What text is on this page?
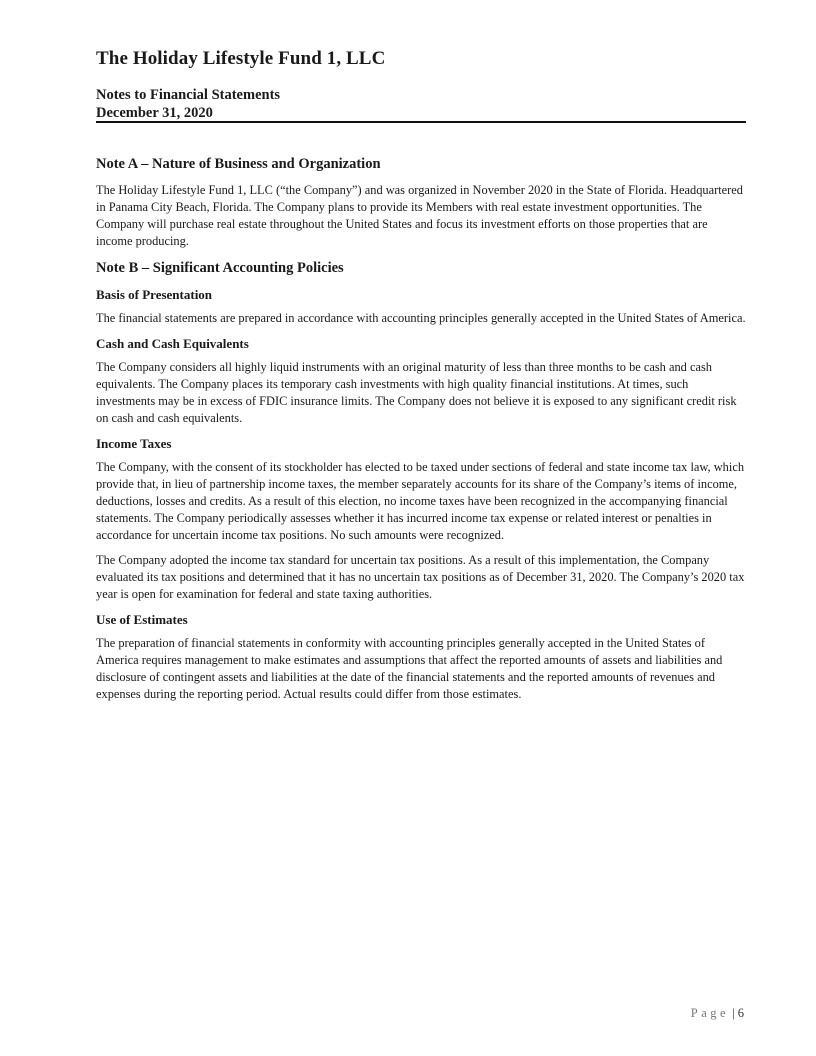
The Holiday Lifestyle Fund 1, LLC
Notes to Financial Statements
December 31, 2020
Note A – Nature of Business and Organization

The Holiday Lifestyle Fund 1, LLC (“the Company”) and was organized in November 2020 in the State of Florida. Headquartered in Panama City Beach, Florida. The Company plans to provide its Members with real estate investment opportunities. The Company will purchase real estate throughout the United States and focus its investment efforts on those properties that are income producing.

Note B – Significant Accounting Policies
Basis of Presentation

The financial statements are prepared in accordance with accounting principles generally accepted in the United States of America.

Cash and Cash Equivalents

The Company considers all highly liquid instruments with an original maturity of less than three months to be cash and cash equivalents. The Company places its temporary cash investments with high quality financial institutions. At times, such investments may be in excess of FDIC insurance limits. The Company does not believe it is exposed to any significant credit risk on cash and cash equivalents.

Income Taxes

The Company, with the consent of its stockholder has elected to be taxed under sections of federal and state income tax law, which provide that, in lieu of partnership income taxes, the member separately accounts for its share of the Company’s items of income, deductions, losses and credits. As a result of this election, no income taxes have been recognized in the accompanying financial statements. The Company periodically assesses whether it has incurred income tax expense or related interest or penalties in accordance for uncertain income tax positions. No such amounts were recognized.

The Company adopted the income tax standard for uncertain tax positions. As a result of this implementation, the Company evaluated its tax positions and determined that it has no uncertain tax positions as of December 31, 2020. The Company’s 2020 tax year is open for examination for federal and state taxing authorities.

Use of Estimates

The preparation of financial statements in conformity with accounting principles generally accepted in the United States of America requires management to make estimates and assumptions that affect the reported amounts of assets and liabilities and disclosure of contingent assets and liabilities at the date of the financial statements and the reported amounts of revenues and expenses during the reporting period. Actual results could differ from those estimates.

Page | 6
